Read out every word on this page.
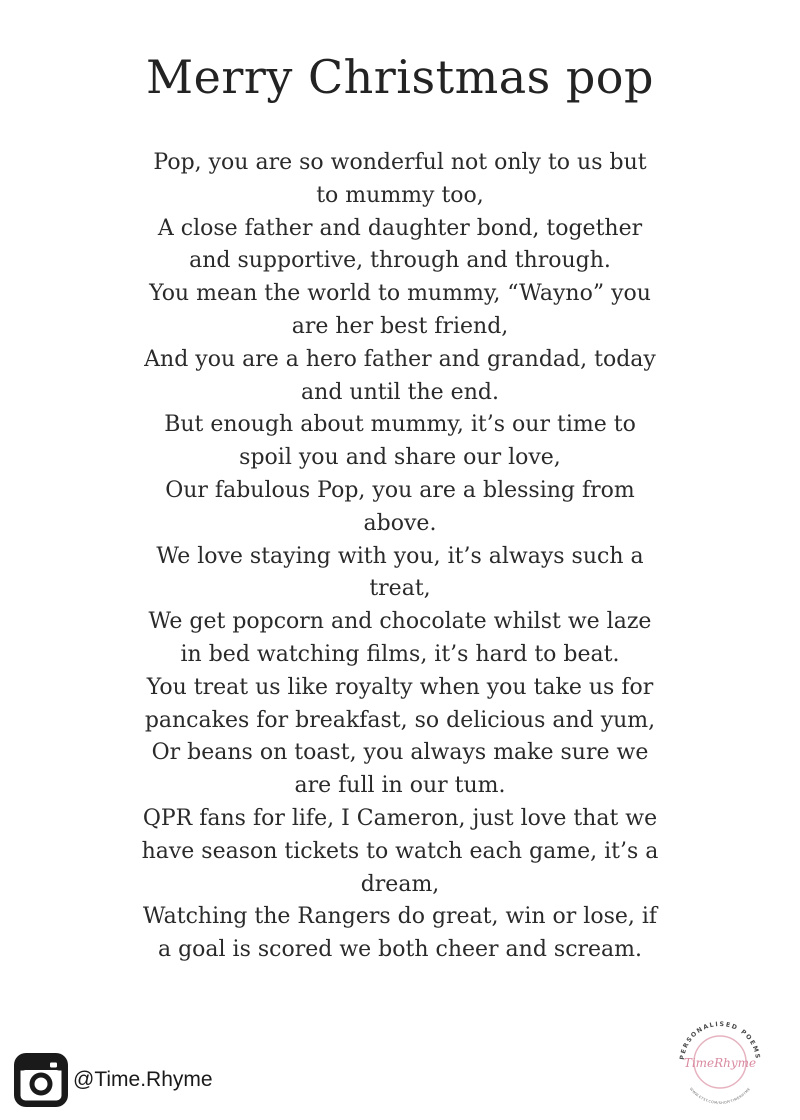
Merry Christmas pop
Pop, you are so wonderful not only to us but
to mummy too,
A close father and daughter bond, together
and supportive, through and through.
You mean the world to mummy, “Wayno” you
are her best friend,
And you are a hero father and grandad, today
and until the end.
But enough about mummy, it’s our time to
spoil you and share our love,
Our fabulous Pop, you are a blessing from
above.
We love staying with you, it’s always such a
treat,
We get popcorn and chocolate whilst we laze
in bed watching films, it’s hard to beat.
You treat us like royalty when you take us for
pancakes for breakfast, so delicious and yum,
Or beans on toast, you always make sure we
are full in our tum.
QPR fans for life, I Cameron, just love that we
have season tickets to watch each game, it’s a
dream,
Watching the Rangers do great, win or lose, if
a goal is scored we both cheer and scream.
@Time.Rhyme
PERSONALISED POEMS
WWW.ETSY.COM/SHOP/TIMERHYME
TimeRhyme
